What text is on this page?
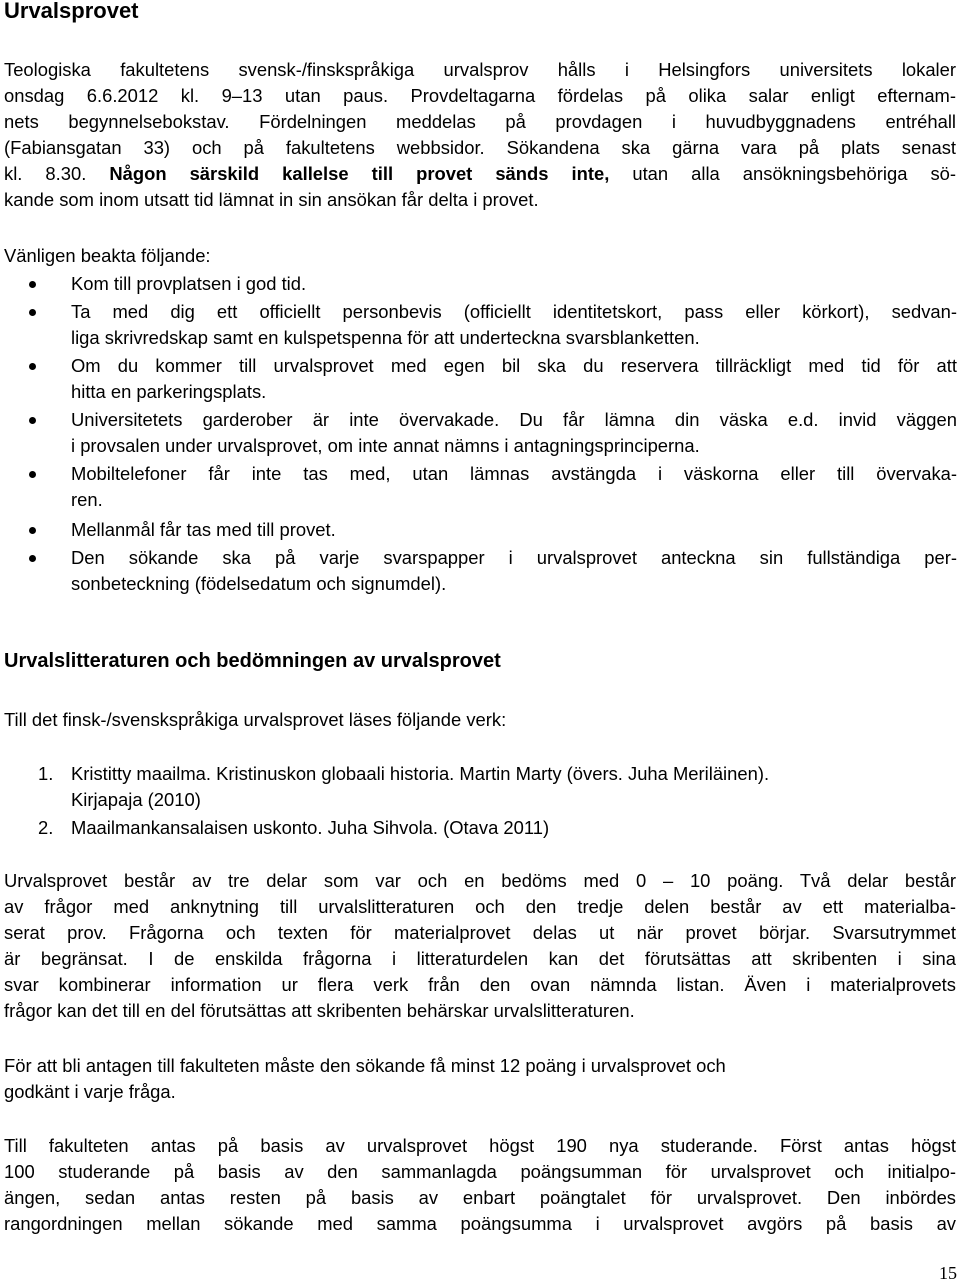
Urvalsprovet
Teologiska fakultetens svensk-/finskspråkiga urvalsprov hålls i Helsingfors universitets lokaler
onsdag 6.6.2012 kl. 9–13 utan paus. Provdeltagarna fördelas på olika salar enligt efternam-
nets begynnelsebokstav. Fördelningen meddelas på provdagen i huvudbyggnadens entréhall
(Fabiansgatan 33) och på fakultetens webbsidor. Sökandena ska gärna vara på plats senast
kl. 8.30. Någon särskild kallelse till provet sänds inte, utan alla ansökningsbehöriga sö-
kande som inom utsatt tid lämnat in sin ansökan får delta i provet.
Vänligen beakta följande:
Kom till provplatsen i god tid.
Ta med dig ett officiellt personbevis (officiellt identitetskort, pass eller körkort), sedvan-
liga skrivredskap samt en kulspetspenna för att underteckna svarsblanketten.
Om du kommer till urvalsprovet med egen bil ska du reservera tillräckligt med tid för att
hitta en parkeringsplats.
Universitetets garderober är inte övervakade. Du får lämna din väska e.d. invid väggen
i provsalen under urvalsprovet, om inte annat nämns i antagningsprinciperna.
Mobiltelefoner får inte tas med, utan lämnas avstängda i väskorna eller till övervaka-
ren.
Mellanmål får tas med till provet.
Den sökande ska på varje svarspapper i urvalsprovet anteckna sin fullständiga per-
sonbeteckning (födelsedatum och signumdel).
Urvalslitteraturen och bedömningen av urvalsprovet
Till det finsk-/svenskspråkiga urvalsprovet läses följande verk:
1. Kristitty maailma. Kristinuskon globaali historia. Martin Marty (övers. Juha Meriläinen).
Kirjapaja (2010)
2. Maailmankansalaisen uskonto. Juha Sihvola. (Otava 2011)
Urvalsprovet består av tre delar som var och en bedöms med 0 – 10 poäng. Två delar består
av frågor med anknytning till urvalslitteraturen och den tredje delen består av ett materialba-
serat prov. Frågorna och texten för materialprovet delas ut när provet börjar. Svarsutrymmet
är begränsat. I de enskilda frågorna i litteraturdelen kan det förutsättas att skribenten i sina
svar kombinerar information ur flera verk från den ovan nämnda listan. Även i materialprovets
frågor kan det till en del förutsättas att skribenten behärskar urvalslitteraturen.
För att bli antagen till fakulteten måste den sökande få minst 12 poäng i urvalsprovet och
godkänt i varje fråga.
Till fakulteten antas på basis av urvalsprovet högst 190 nya studerande. Först antas högst
100 studerande på basis av den sammanlagda poängsumman för urvalsprovet och initialpo-
ängen, sedan antas resten på basis av enbart poängtalet för urvalsprovet. Den inbördes
rangordningen mellan sökande med samma poängsumma i urvalsprovet avgörs på basis av
15
